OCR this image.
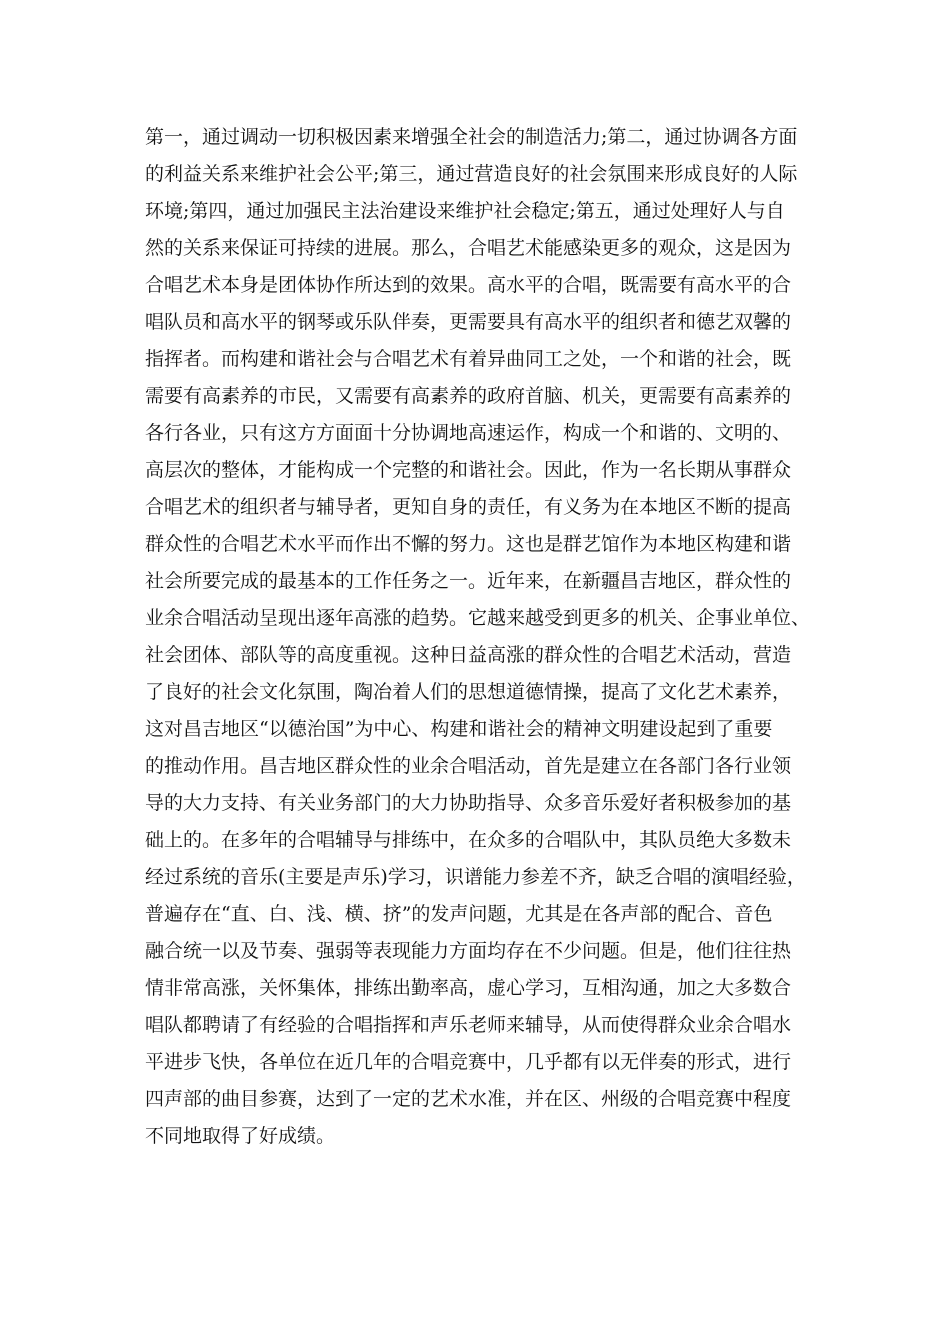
第一，通过调动一切积极因素来增强全社会的制造活力;第二，通过协调各方面
的利益关系来维护社会公平;第三，通过营造良好的社会氛围来形成良好的人际
环境;第四，通过加强民主法治建设来维护社会稳定;第五，通过处理好人与自
然的关系来保证可持续的进展。那么，合唱艺术能感染更多的观众，这是因为
合唱艺术本身是团体协作所达到的效果。高水平的合唱，既需要有高水平的合
唱队员和高水平的钢琴或乐队伴奏，更需要具有高水平的组织者和德艺双馨的
指挥者。而构建和谐社会与合唱艺术有着异曲同工之处，一个和谐的社会，既
需要有高素养的市民，又需要有高素养的政府首脑、机关，更需要有高素养的
各行各业，只有这方方面面十分协调地高速运作，构成一个和谐的、文明的、
高层次的整体，才能构成一个完整的和谐社会。因此，作为一名长期从事群众
合唱艺术的组织者与辅导者，更知自身的责任，有义务为在本地区不断的提高
群众性的合唱艺术水平而作出不懈的努力。这也是群艺馆作为本地区构建和谐
社会所要完成的最基本的工作任务之一。近年来，在新疆昌吉地区，群众性的
业余合唱活动呈现出逐年高涨的趋势。它越来越受到更多的机关、企事业单位、
社会团体、部队等的高度重视。这种日益高涨的群众性的合唱艺术活动，营造
了良好的社会文化氛围，陶冶着人们的思想道德情操，提高了文化艺术素养，
这对昌吉地区“以德治国”为中心、构建和谐社会的精神文明建设起到了重要
的推动作用。昌吉地区群众性的业余合唱活动，首先是建立在各部门各行业领
导的大力支持、有关业务部门的大力协助指导、众多音乐爱好者积极参加的基
础上的。在多年的合唱辅导与排练中，在众多的合唱队中，其队员绝大多数未
经过系统的音乐(主要是声乐)学习，识谱能力参差不齐，缺乏合唱的演唱经验，
普遍存在“直、白、浅、横、挤”的发声问题，尤其是在各声部的配合、音色
融合统一以及节奏、强弱等表现能力方面均存在不少问题。但是，他们往往热
情非常高涨，关怀集体，排练出勤率高，虚心学习，互相沟通，加之大多数合
唱队都聘请了有经验的合唱指挥和声乐老师来辅导，从而使得群众业余合唱水
平进步飞快，各单位在近几年的合唱竞赛中，几乎都有以无伴奏的形式，进行
四声部的曲目参赛，达到了一定的艺术水准，并在区、州级的合唱竞赛中程度
不同地取得了好成绩。
